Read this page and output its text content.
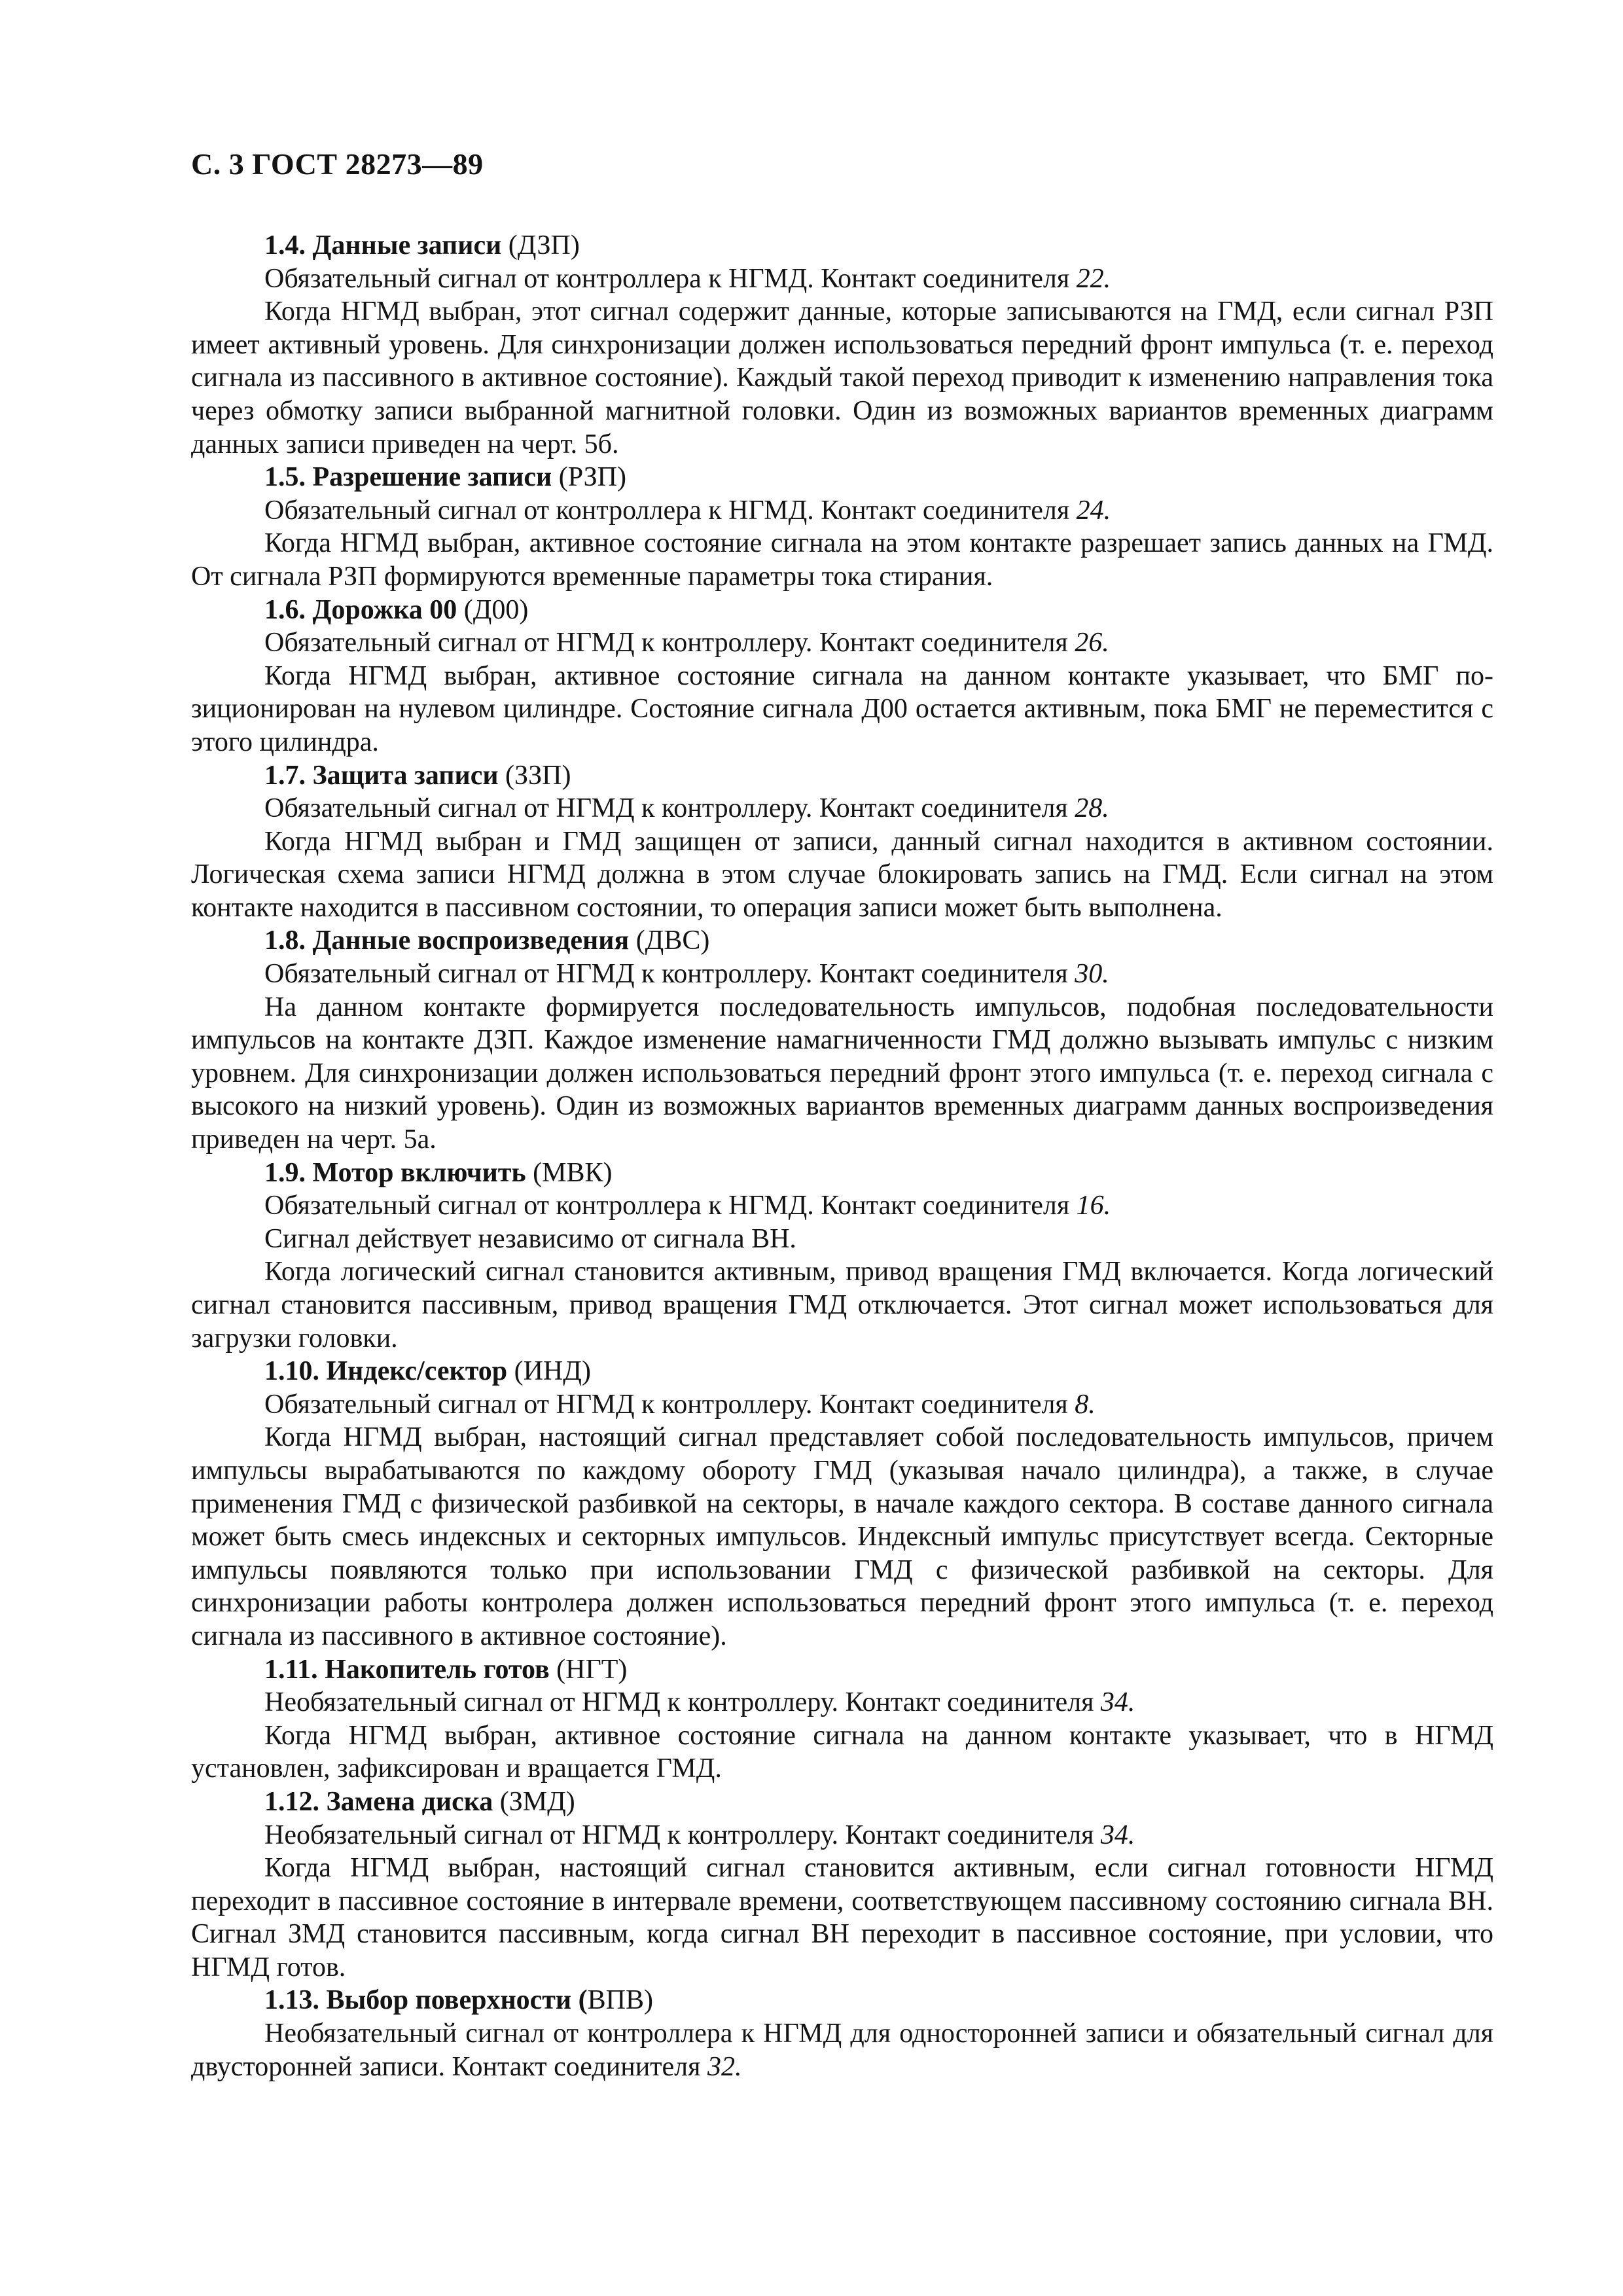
С. 3 ГОСТ 28273—89

1.4. Данные записи (ДЗП)

Обязательный сигнал от контроллера к НГМД. Контакт соединителя 22.

Когда НГМД выбран, этот сигнал содержит данные, которые записываются на ГМД, если сигнал РЗП имеет активный уровень. Для синхронизации должен использоваться передний фронт импульса (т. е. переход сигнала из пассивного в активное состояние). Каждый такой переход приводит к изменению направления тока через обмотку записи выбранной магнитной головки. Один из возможных вариантов временных диаграмм данных записи приведен на черт. 5б.

1.5. Разрешение записи (РЗП)

Обязательный сигнал от контроллера к НГМД. Контакт соединителя 24.

Когда НГМД выбран, активное состояние сигнала на этом контакте разрешает запись данных на ГМД. От сигнала РЗП формируются временные параметры тока стирания.

1.6. Дорожка 00 (Д00)

Обязательный сигнал от НГМД к контроллеру. Контакт соединителя 26.

Когда НГМД выбран, активное состояние сигнала на данном контакте указывает, что БМГ позиционирован на нулевом цилиндре. Состояние сигнала Д00 остается активным, пока БМГ не переместится с этого цилиндра.

1.7. Защита записи (ЗЗП)

Обязательный сигнал от НГМД к контроллеру. Контакт соединителя 28.

Когда НГМД выбран и ГМД защищен от записи, данный сигнал находится в активном состоянии. Логическая схема записи НГМД должна в этом случае блокировать запись на ГМД. Если сигнал на этом контакте находится в пассивном состоянии, то операция записи может быть выполнена.

1.8. Данные воспроизведения (ДВС)

Обязательный сигнал от НГМД к контроллеру. Контакт соединителя 30.

На данном контакте формируется последовательность импульсов, подобная последовательности импульсов на контакте ДЗП. Каждое изменение намагниченности ГМД должно вызывать импульс с низким уровнем. Для синхронизации должен использоваться передний фронт этого импульса (т. е. переход сигнала с высокого на низкий уровень). Один из возможных вариантов временных диаграмм данных воспроизведения приведен на черт. 5а.

1.9. Мотор включить (МВК)

Обязательный сигнал от контроллера к НГМД. Контакт соединителя 16.

Сигнал действует независимо от сигнала ВН.

Когда логический сигнал становится активным, привод вращения ГМД включается. Когда логический сигнал становится пассивным, привод вращения ГМД отключается. Этот сигнал может использоваться для загрузки головки.

1.10. Индекс/сектор (ИНД)

Обязательный сигнал от НГМД к контроллеру. Контакт соединителя 8.

Когда НГМД выбран, настоящий сигнал представляет собой последовательность импульсов, причем импульсы вырабатываются по каждому обороту ГМД (указывая начало цилиндра), а также, в случае применения ГМД с физической разбивкой на секторы, в начале каждого сектора. В составе данного сигнала может быть смесь индексных и секторных импульсов. Индексный импульс присутствует всегда. Секторные импульсы появляются только при использовании ГМД с физической разбивкой на секторы. Для синхронизации работы контролера должен использоваться передний фронт этого импульса (т. е. переход сигнала из пассивного в активное состояние).

1.11. Накопитель готов (НГТ)

Необязательный сигнал от НГМД к контроллеру. Контакт соединителя 34.

Когда НГМД выбран, активное состояние сигнала на данном контакте указывает, что в НГМД установлен, зафиксирован и вращается ГМД.

1.12. Замена диска (ЗМД)

Необязательный сигнал от НГМД к контроллеру. Контакт соединителя 34.

Когда НГМД выбран, настоящий сигнал становится активным, если сигнал готовности НГМД переходит в пассивное состояние в интервале времени, соответствующем пассивному состоянию сигнала ВН. Сигнал ЗМД становится пассивным, когда сигнал ВН переходит в пассивное состояние, при условии, что НГМД готов.

1.13. Выбор поверхности (ВПВ)

Необязательный сигнал от контроллера к НГМД для односторонней записи и обязательный сигнал для двусторонней записи. Контакт соединителя 32.
